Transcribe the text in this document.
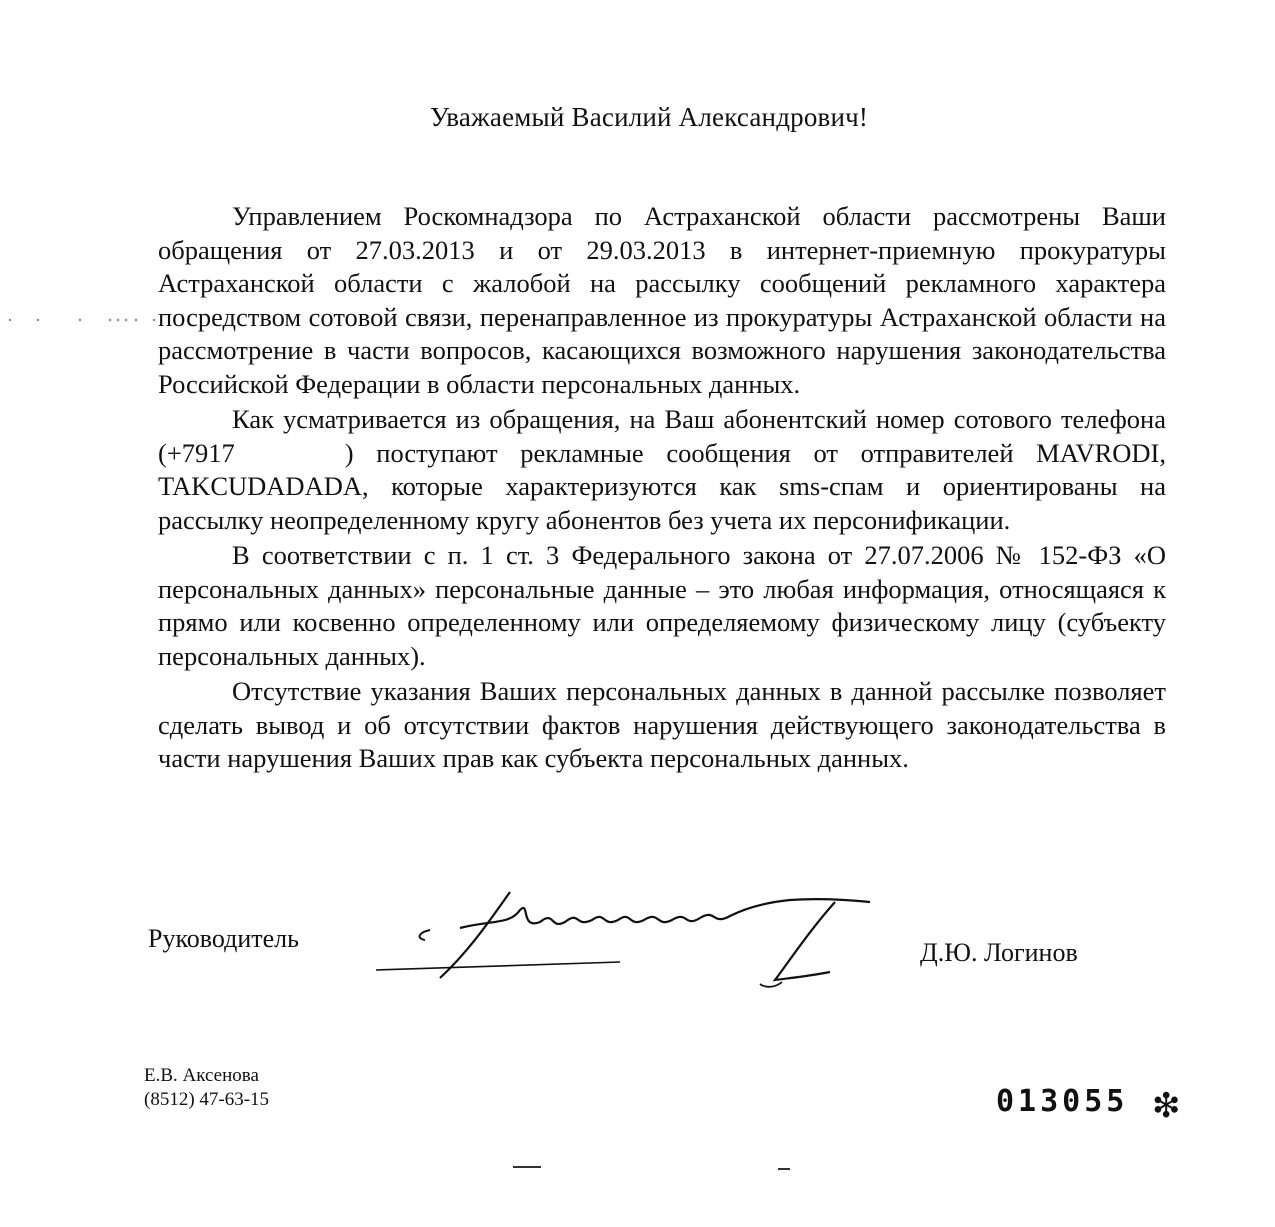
Уважаемый Василий Александрович!

Управлением Роскомнадзора по Астраханской области рассмотрены Ваши обращения от 27.03.2013 и от 29.03.2013 в интернет-приемную прокуратуры Астраханской области с жалобой на рассылку сообщений рекламного характера посредством сотовой связи, перенаправленное из прокуратуры Астраханской области на рассмотрение в части вопросов, касающихся возможного нарушения законодательства Российской Федерации в области персональных данных.

Как усматривается из обращения, на Ваш абонентский номер сотового телефона (+7917	) поступают рекламные сообщения от отправителей MAVRODI, TAKCUDADADA, которые характеризуются как sms-спам и ориентированы на рассылку неопределенному кругу абонентов без учета их персонификации.

В соответствии с п. 1 ст. 3 Федерального закона от 27.07.2006 № 152-ФЗ «О персональных данных» персональные данные – это любая информация, относящаяся к прямо или косвенно определенному или определяемому физическому лицу (субъекту персональных данных).

Отсутствие указания Ваших персональных данных в данной рассылке позволяет сделать вывод и об отсутствии фактов нарушения действующего законодательства в части нарушения Ваших прав как субъекта персональных данных.

Руководитель	Д.Ю. Логинов
Е.В. Аксенова
(8512) 47-63-15	013055 ❇
